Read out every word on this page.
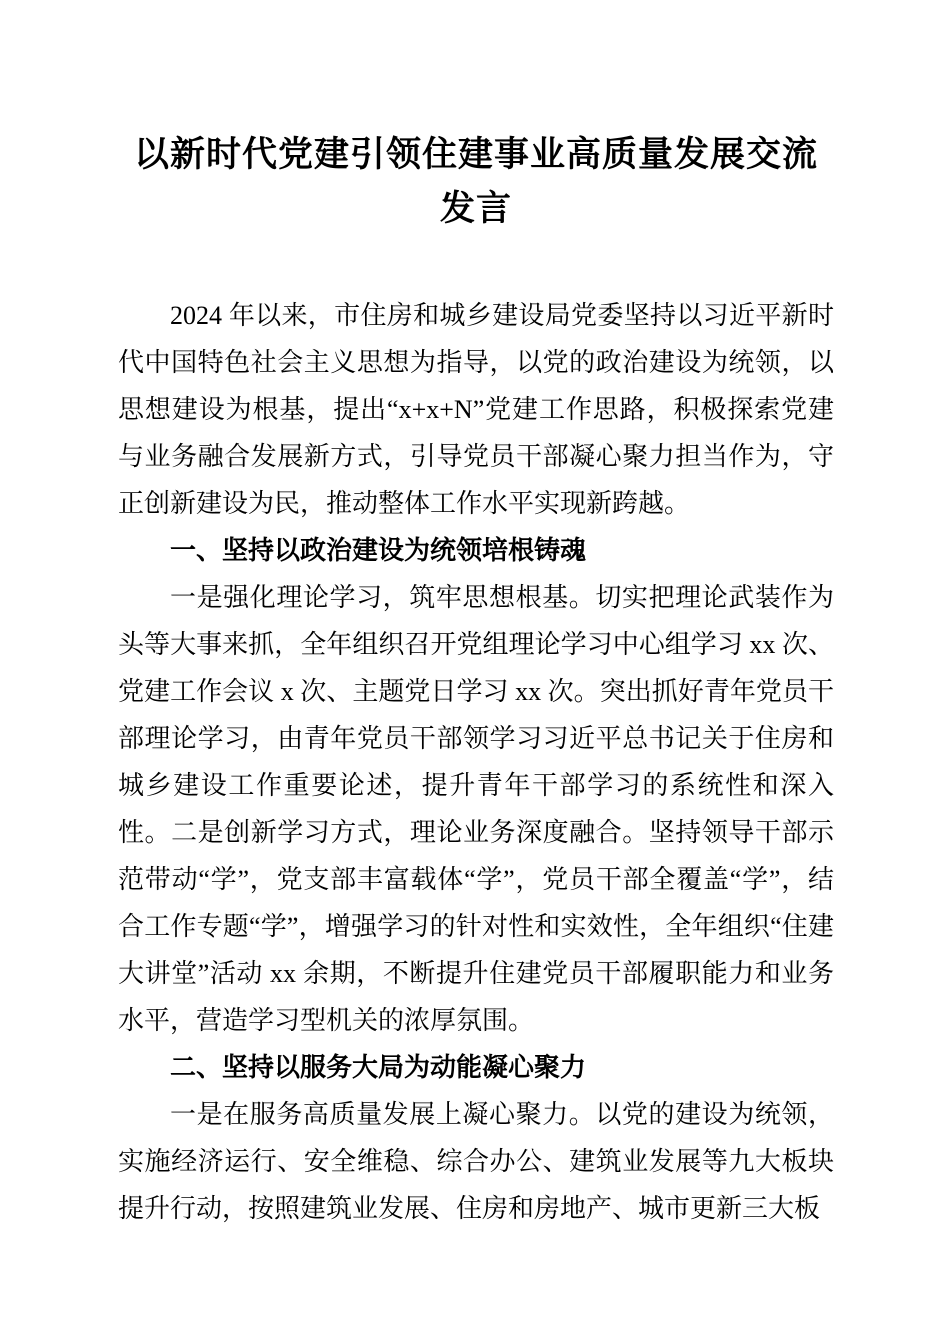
以新时代党建引领住建事业高质量发展交流发言

2024 年以来，市住房和城乡建设局党委坚持以习近平新时代中国特色社会主义思想为指导，以党的政治建设为统领，以思想建设为根基，提出“x+x+N”党建工作思路，积极探索党建与业务融合发展新方式，引导党员干部凝心聚力担当作为，守正创新建设为民，推动整体工作水平实现新跨越。

一、坚持以政治建设为统领培根铸魂

一是强化理论学习，筑牢思想根基。切实把理论武装作为头等大事来抓，全年组织召开党组理论学习中心组学习 xx 次、党建工作会议 x 次、主题党日学习 xx 次。突出抓好青年党员干部理论学习，由青年党员干部领学习习近平总书记关于住房和城乡建设工作重要论述，提升青年干部学习的系统性和深入性。二是创新学习方式，理论业务深度融合。坚持领导干部示范带动“学”，党支部丰富载体“学”，党员干部全覆盖“学”，结合工作专题“学”，增强学习的针对性和实效性，全年组织“住建大讲堂”活动 xx 余期，不断提升住建党员干部履职能力和业务水平，营造学习型机关的浓厚氛围。

二、坚持以服务大局为动能凝心聚力

一是在服务高质量发展上凝心聚力。以党的建设为统领，实施经济运行、安全维稳、综合办公、建筑业发展等九大板块提升行动，按照建筑业发展、住房和房地产、城市更新三大板
